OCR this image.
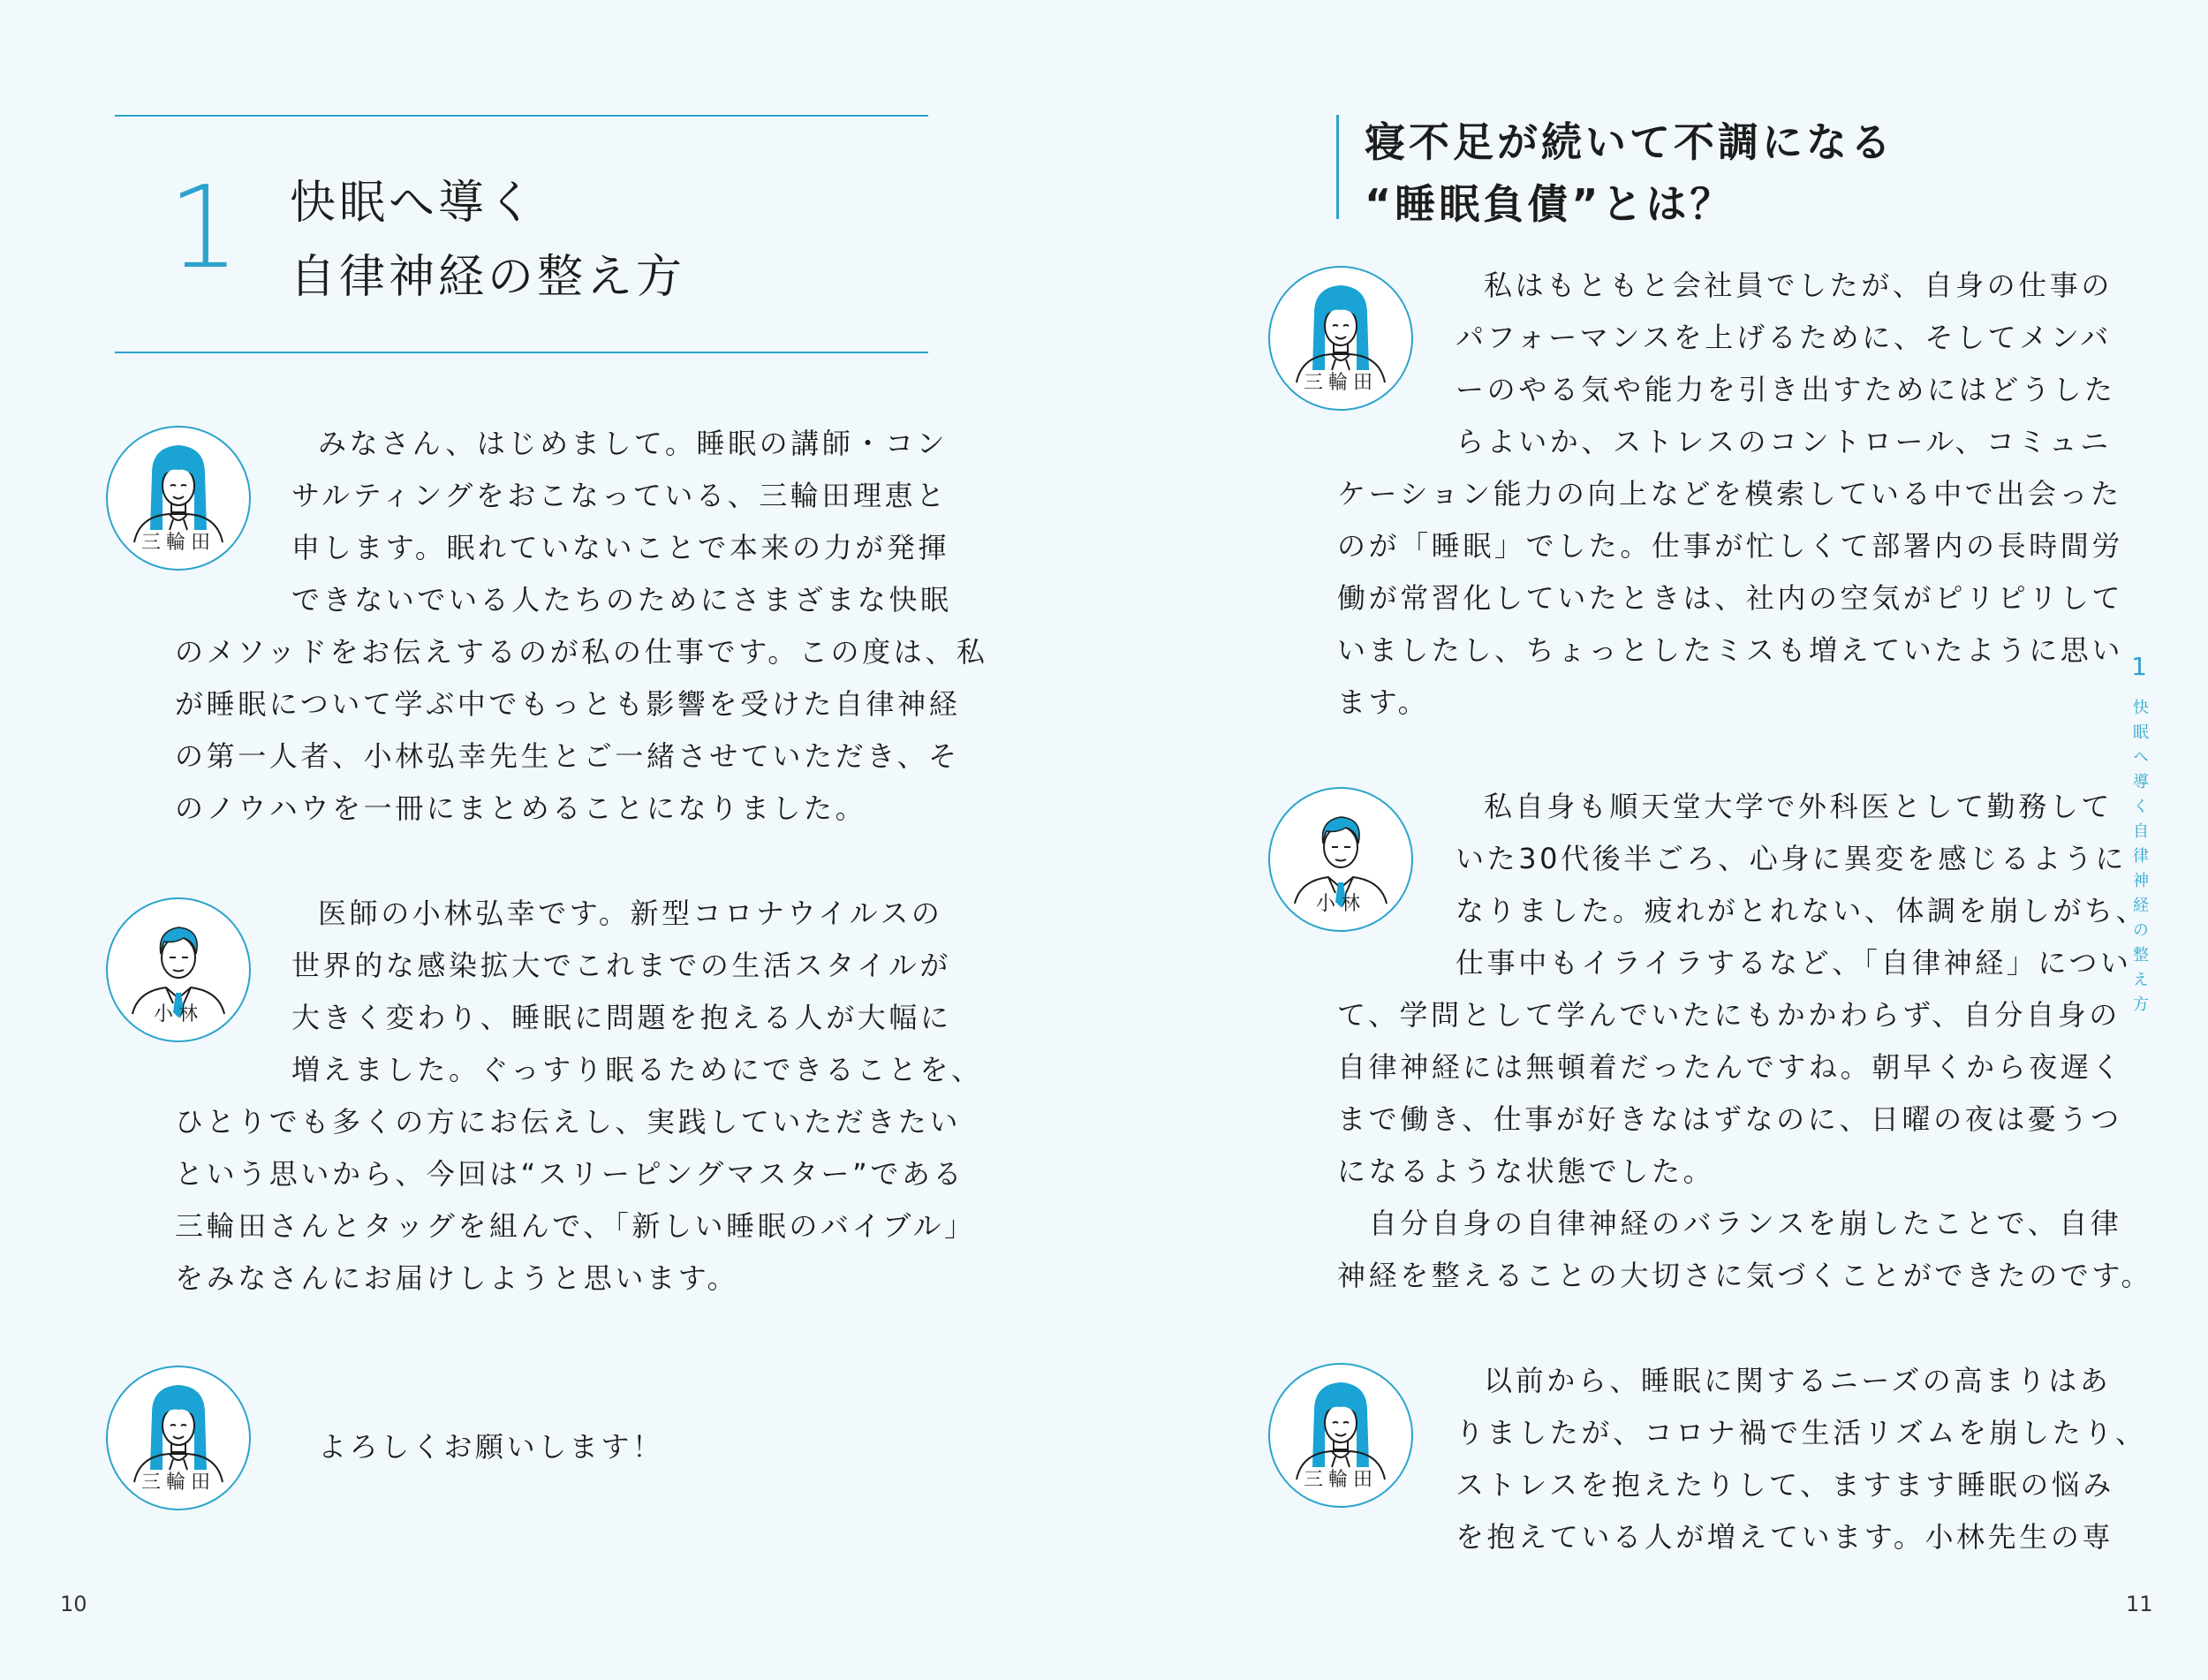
1 快眠へ導く
自律神経の整え方
三輪田
みなさん、はじめまして。睡眠の講師・コン
サルティングをおこなっている、三輪田理恵と
申します。眠れていないことで本来の力が発揮
できないでいる人たちのためにさまざまな快眠
のメソッドをお伝えするのが私の仕事です。この度は、私
が睡眠について学ぶ中でもっとも影響を受けた自律神経
の第一人者、小林弘幸先生とご一緒させていただき、そ
のノウハウを一冊にまとめることになりました。
小林
医師の小林弘幸です。新型コロナウイルスの
世界的な感染拡大でこれまでの生活スタイルが
大きく変わり、睡眠に問題を抱える人が大幅に
増えました。ぐっすり眠るためにできることを、
ひとりでも多くの方にお伝えし、実践していただきたい
という思いから、今回は“スリーピングマスター”である
三輪田さんとタッグを組んで、「新しい睡眠のバイブル」
をみなさんにお届けしようと思います。
三輪田
よろしくお願いします！
10
寝不足が続いて不調になる
“睡眠負債”とは？
三輪田
私はもともと会社員でしたが、自身の仕事の
パフォーマンスを上げるために、そしてメンバ
ーのやる気や能力を引き出すためにはどうした
らよいか、ストレスのコントロール、コミュニ
ケーション能力の向上などを模索している中で出会った
のが「睡眠」でした。仕事が忙しくて部署内の長時間労
働が常習化していたときは、社内の空気がピリピリして
いましたし、ちょっとしたミスも増えていたように思い
ます。
小林
私自身も順天堂大学で外科医として勤務して
いた30代後半ごろ、心身に異変を感じるように
なりました。疲れがとれない、体調を崩しがち、
仕事中もイライラするなど、「自律神経」につい
て、学問として学んでいたにもかかわらず、自分自身の
自律神経には無頓着だったんですね。朝早くから夜遅く
まで働き、仕事が好きなはずなのに、日曜の夜は憂うつ
になるような状態でした。
　自分自身の自律神経のバランスを崩したことで、自律
神経を整えることの大切さに気づくことができたのです。
三輪田
以前から、睡眠に関するニーズの高まりはあ
りましたが、コロナ禍で生活リズムを崩したり、
ストレスを抱えたりして、ますます睡眠の悩み
を抱えている人が増えています。小林先生の専
1
快眠へ導く自律神経の整え方
11
